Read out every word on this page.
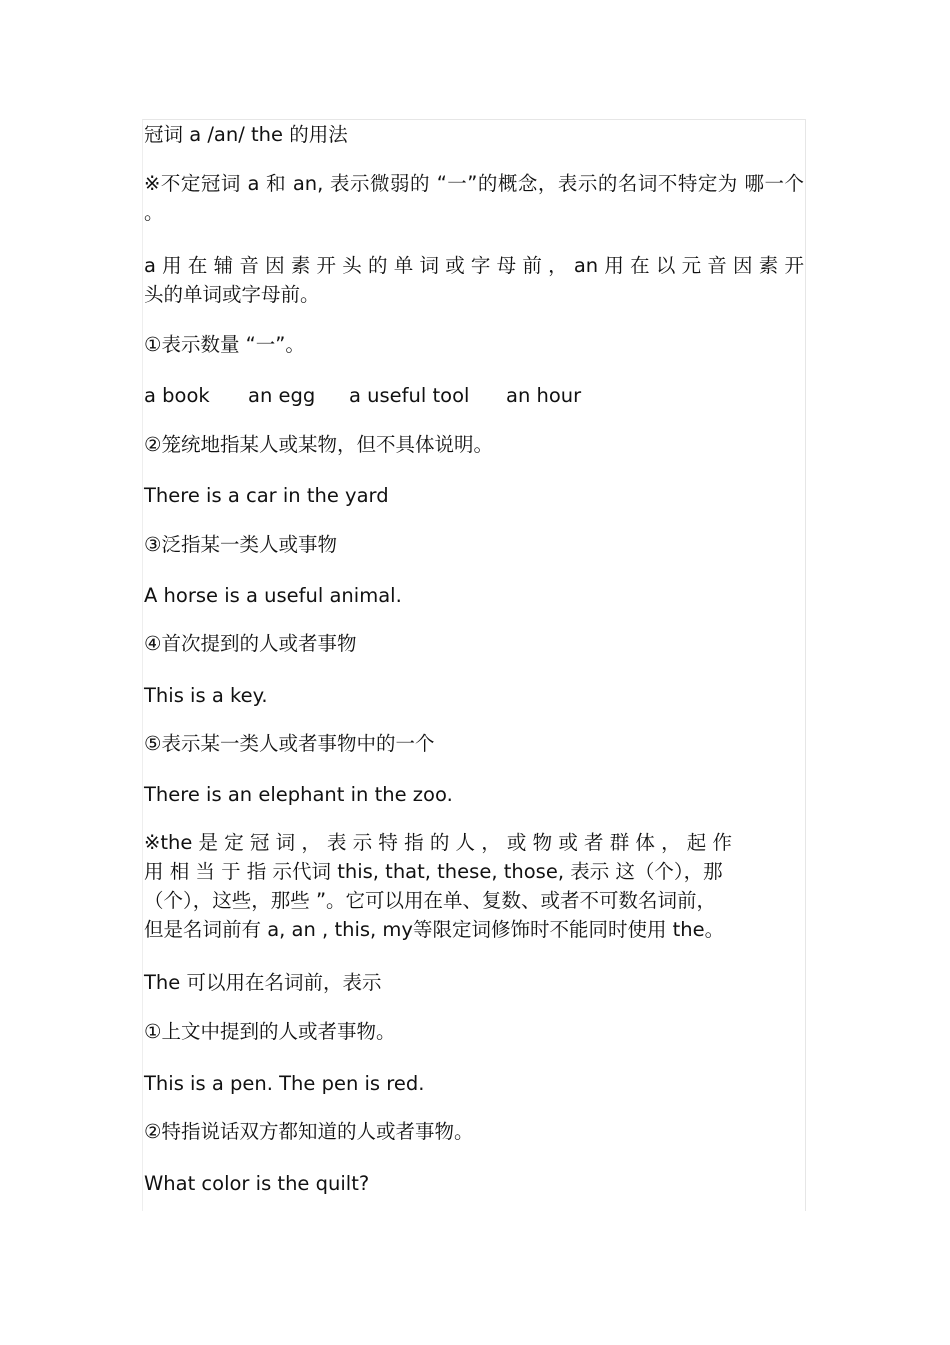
冠词 a /an/ the 的用法
※不定冠词 a 和 an, 表示微弱的 “一”的概念，表示的名词不特定为 哪一个 。
a 用 在 辅 音 因 素 开 头 的 单 词 或 字 母 前 ， an 用 在 以 元 音 因 素 开 头的单词或字母前。
①表示数量 “一”。
a book an egg a useful tool an hour
②笼统地指某人或某物，但不具体说明。
There is a car in the yard
③泛指某一类人或事物
A horse is a useful animal.
④首次提到的人或者事物
This is a key.
⑤表示某一类人或者事物中的一个
There is an elephant in the zoo.
※the 是 定 冠 词 ， 表 示 特 指 的 人 ， 或 物 或 者 群 体 ， 起 作
用 相 当 于 指 示代词 this, that, these, those, 表示 这（个），那
（个），这些，那些 ”。它可以用在单、复数、或者不可数名词前，
但是名词前有 a, an , this, my等限定词修饰时不能同时使用 the。
The 可以用在名词前，表示
①上文中提到的人或者事物。
This is a pen. The pen is red.
②特指说话双方都知道的人或者事物。
What color is the quilt?
